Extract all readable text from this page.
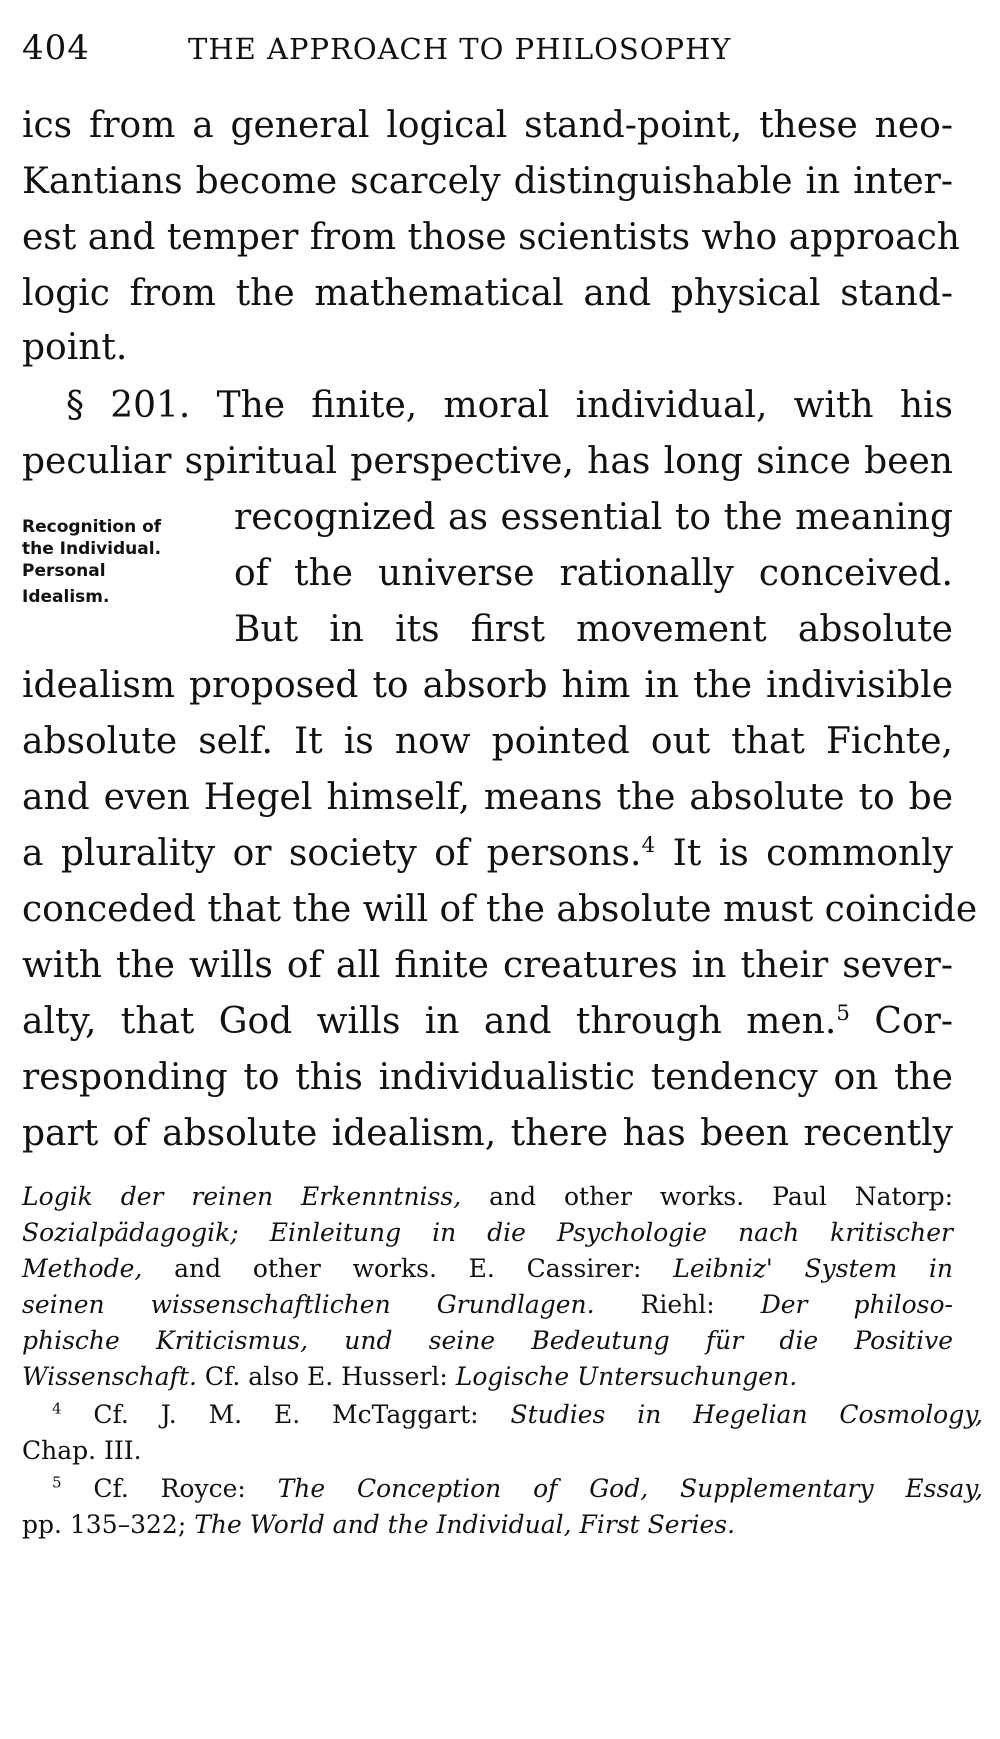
404	THE APPROACH TO PHILOSOPHY
ics from a general logical stand-point, these neo-
Kantians become scarcely distinguishable in inter-
est and temper from those scientists who approach
logic from the mathematical and physical stand-
point.
§ 201. The finite, moral individual, with his
peculiar spiritual perspective, has long since been
Recognition of
the Individual.
Personal
Idealism.
recognized as essential to the meaning
of the universe rationally conceived.
But in its first movement absolute
idealism proposed to absorb him in the indivisible
absolute self. It is now pointed out that Fichte,
and even Hegel himself, means the absolute to be
a plurality or society of persons.$^4$ It is commonly
conceded that the will of the absolute must coincide
with the wills of all finite creatures in their sever-
alty, that God wills in and through men.$^5$ Cor-
responding to this individualistic tendency on the
part of absolute idealism, there has been recently
Logik der reinen Erkenntniss, and other works. Paul Natorp:
Sozialpädagogik; Einleitung in die Psychologie nach kritischer
Methode, and other works. E. Cassirer: Leibniz' System in
seinen wissenschaftlichen Grundlagen. Riehl: Der philoso-
phische Kriticismus, und seine Bedeutung für die Positive
Wissenschaft. Cf. also E. Husserl: Logische Untersuchungen.
$^4$ Cf. J. M. E. McTaggart: Studies in Hegelian Cosmology,
Chap. III.
$^5$ Cf. Royce: The Conception of God, Supplementary Essay,
pp. 135–322; The World and the Individual, First Series.
